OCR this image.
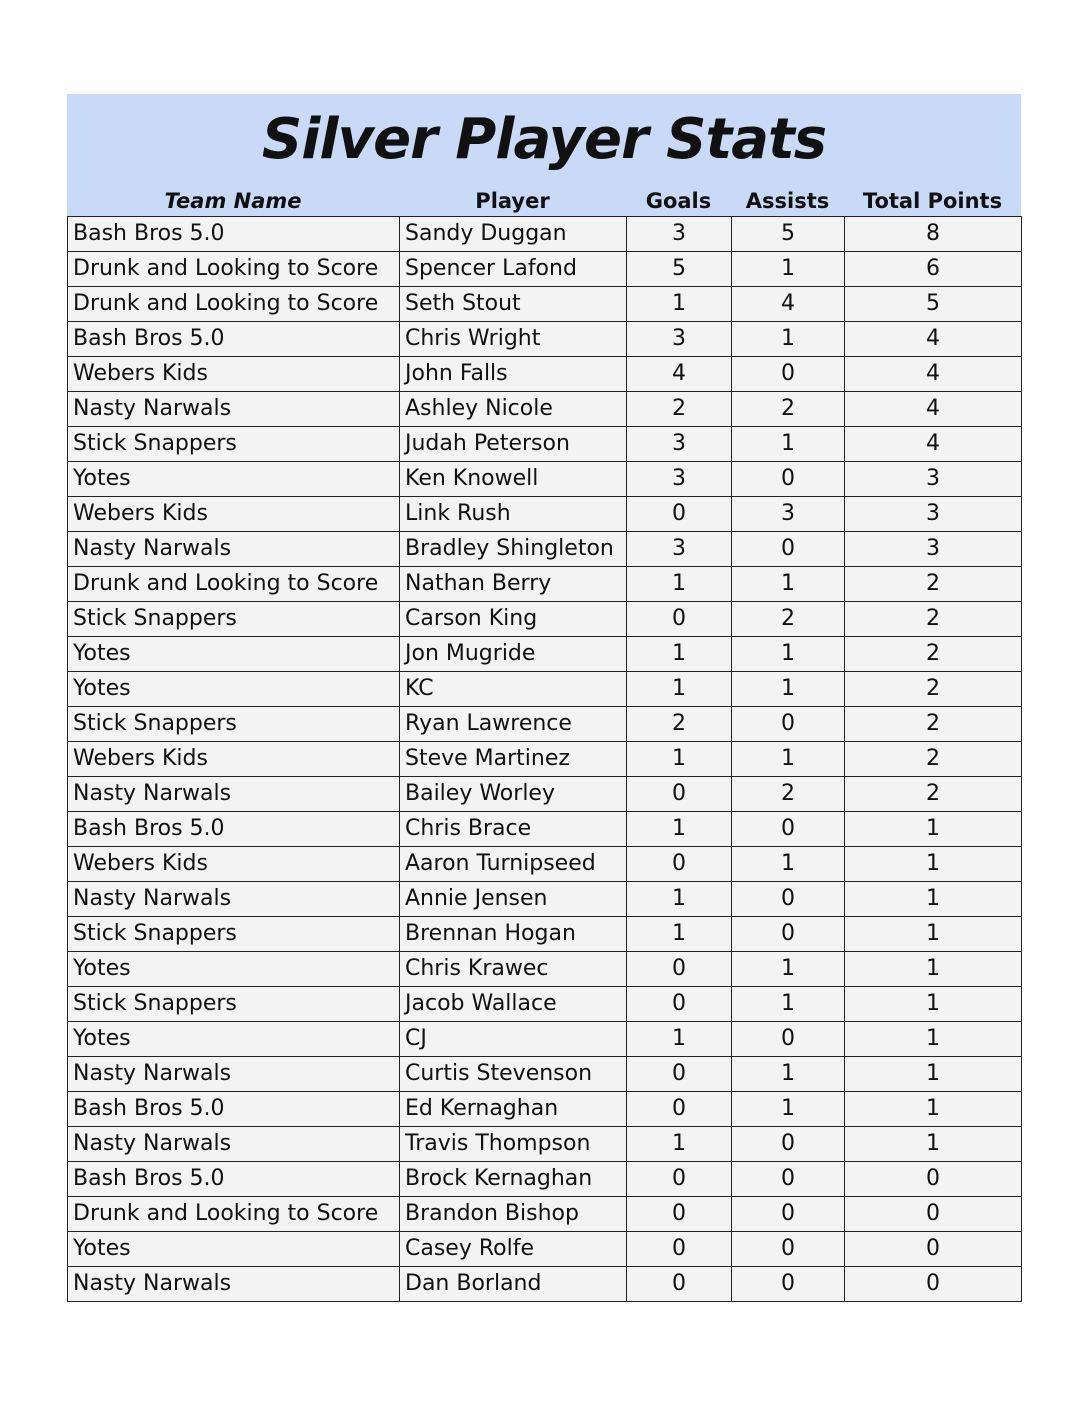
Silver Player Stats
Team Name	Player	Goals	Assists	Total Points
Bash Bros 5.0	Sandy Duggan	3	5	8
Drunk and Looking to Score	Spencer Lafond	5	1	6
Drunk and Looking to Score	Seth Stout	1	4	5
Bash Bros 5.0	Chris Wright	3	1	4
Webers Kids	John Falls	4	0	4
Nasty Narwals	Ashley Nicole	2	2	4
Stick Snappers	Judah Peterson	3	1	4
Yotes	Ken Knowell	3	0	3
Webers Kids	Link Rush	0	3	3
Nasty Narwals	Bradley Shingleton	3	0	3
Drunk and Looking to Score	Nathan Berry	1	1	2
Stick Snappers	Carson King	0	2	2
Yotes	Jon Mugride	1	1	2
Yotes	KC	1	1	2
Stick Snappers	Ryan Lawrence	2	0	2
Webers Kids	Steve Martinez	1	1	2
Nasty Narwals	Bailey Worley	0	2	2
Bash Bros 5.0	Chris Brace	1	0	1
Webers Kids	Aaron Turnipseed	0	1	1
Nasty Narwals	Annie Jensen	1	0	1
Stick Snappers	Brennan Hogan	1	0	1
Yotes	Chris Krawec	0	1	1
Stick Snappers	Jacob Wallace	0	1	1
Yotes	CJ	1	0	1
Nasty Narwals	Curtis Stevenson	0	1	1
Bash Bros 5.0	Ed Kernaghan	0	1	1
Nasty Narwals	Travis Thompson	1	0	1
Bash Bros 5.0	Brock Kernaghan	0	0	0
Drunk and Looking to Score	Brandon Bishop	0	0	0
Yotes	Casey Rolfe	0	0	0
Nasty Narwals	Dan Borland	0	0	0
